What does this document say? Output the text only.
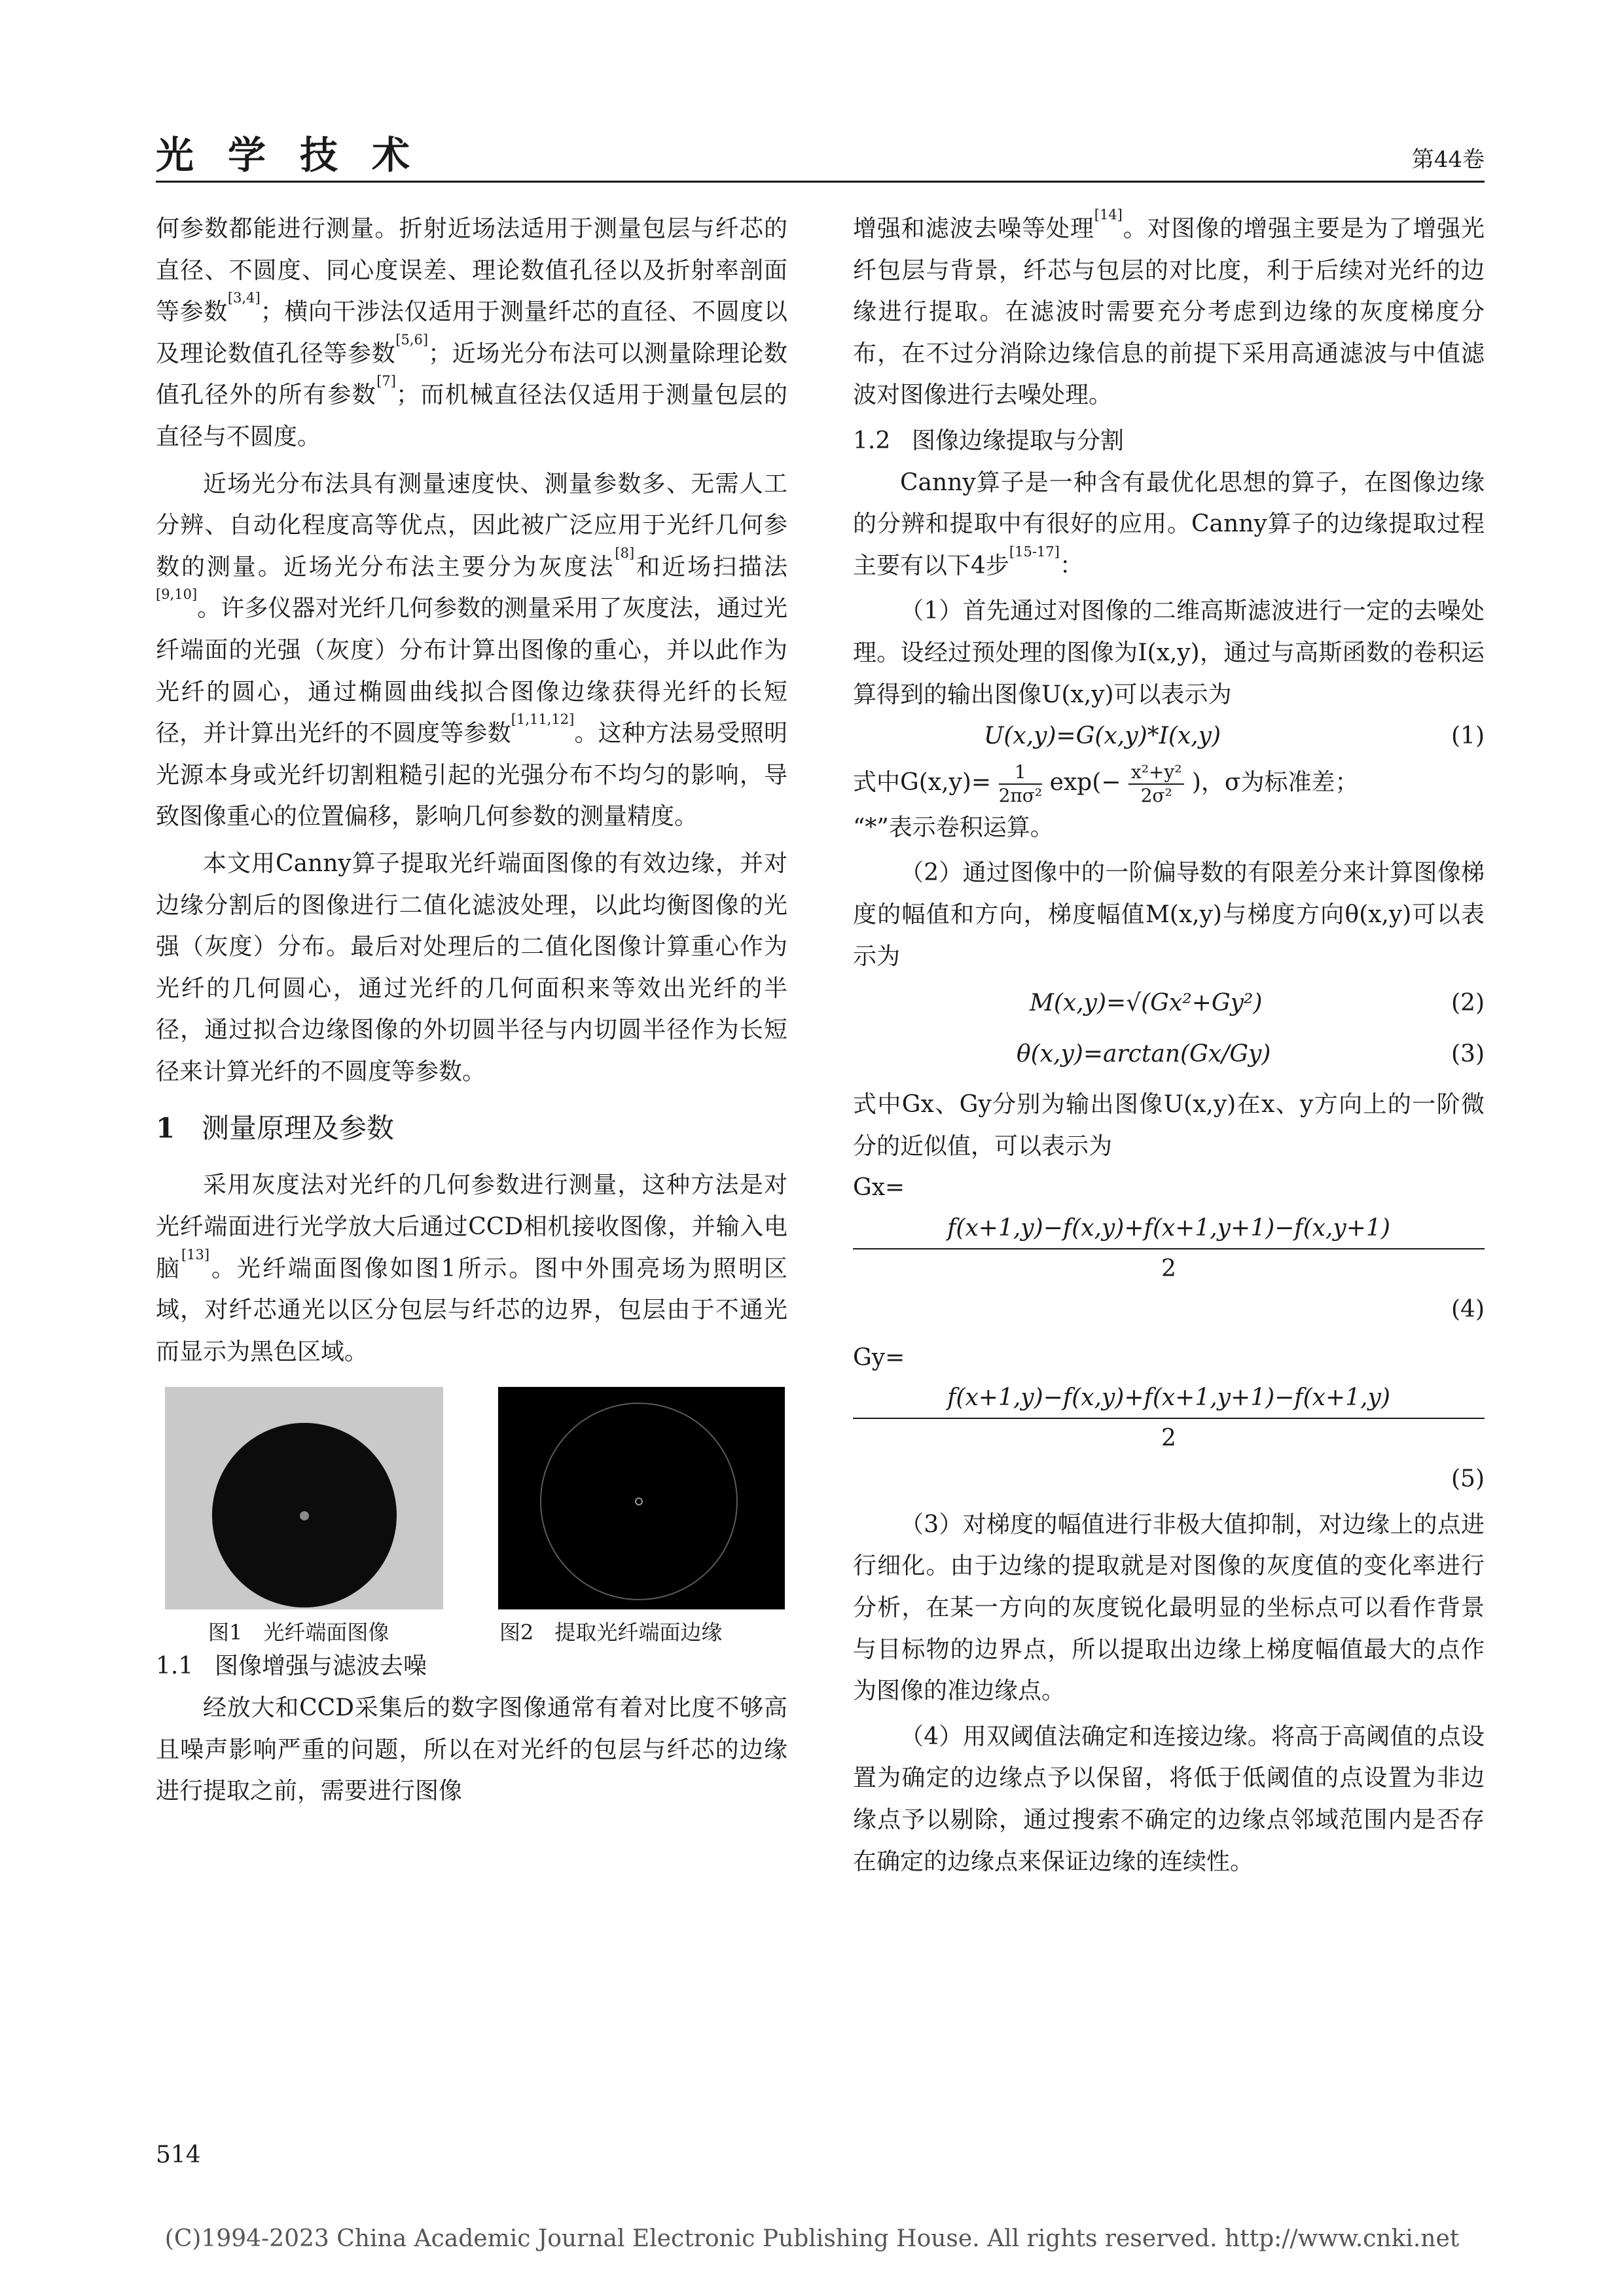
光学技术	第44卷

何参数都能进行测量。折射近场法适用于测量包层与纤芯的直径、不圆度、同心度误差、理论数值孔径以及折射率剖面等参数[3,4]；横向干涉法仅适用于测量纤芯的直径、不圆度以及理论数值孔径等参数[5,6]；近场光分布法可以测量除理论数值孔径外的所有参数[7]；而机械直径法仅适用于测量包层的直径与不圆度。

近场光分布法具有测量速度快、测量参数多、无需人工分辨、自动化程度高等优点，因此被广泛应用于光纤几何参数的测量。近场光分布法主要分为灰度法[8]和近场扫描法[9,10]。许多仪器对光纤几何参数的测量采用了灰度法，通过光纤端面的光强（灰度）分布计算出图像的重心，并以此作为光纤的圆心，通过椭圆曲线拟合图像边缘获得光纤的长短径，并计算出光纤的不圆度等参数[1,11,12]。这种方法易受照明光源本身或光纤切割粗糙引起的光强分布不均匀的影响，导致图像重心的位置偏移，影响几何参数的测量精度。

本文用Canny算子提取光纤端面图像的有效边缘，并对边缘分割后的图像进行二值化滤波处理，以此均衡图像的光强（灰度）分布。最后对处理后的二值化图像计算重心作为光纤的几何圆心，通过光纤的几何面积来等效出光纤的半径，通过拟合边缘图像的外切圆半径与内切圆半径作为长短径来计算光纤的不圆度等参数。

1 测量原理及参数

采用灰度法对光纤的几何参数进行测量，这种方法是对光纤端面进行光学放大后通过CCD相机接收图像，并输入电脑[13]。光纤端面图像如图1所示。图中外围亮场为照明区域，对纤芯通光以区分包层与纤芯的边界，包层由于不通光而显示为黑色区域。

图1　光纤端面图像	图2　提取光纤端面边缘
1.1 图像增强与滤波去噪

经放大和CCD采集后的数字图像通常有着对比度不够高且噪声影响严重的问题，所以在对光纤的包层与纤芯的边缘进行提取之前，需要进行图像

增强和滤波去噪等处理[14]。对图像的增强主要是为了增强光纤包层与背景，纤芯与包层的对比度，利于后续对光纤的边缘进行提取。在滤波时需要充分考虑到边缘的灰度梯度分布，在不过分消除边缘信息的前提下采用高通滤波与中值滤波对图像进行去噪处理。

1.2 图像边缘提取与分割

Canny算子是一种含有最优化思想的算子，在图像边缘的分辨和提取中有很好的应用。Canny算子的边缘提取过程主要有以下4步[15-17]：

（1）首先通过对图像的二维高斯滤波进行一定的去噪处理。设经过预处理的图像为I(x,y)，通过与高斯函数的卷积运算得到的输出图像U(x,y)可以表示为

U(x,y)=G(x,y)*I(x,y)	(1)
式中$G(x,y)= \frac{1}{\text{2πσ²}} \exp(- \frac{\text{x²+y²}}{\text{2σ²}}$ )，σ为标准差；

“*”表示卷积运算。

（2）通过图像中的一阶偏导数的有限差分来计算图像梯度的幅值和方向，梯度幅值M(x,y)与梯度方向θ(x,y)可以表示为

M(x,y)=√(Gx²+Gy²)	(2)
θ(x,y)=arctan(Gx/Gy)	(3)

式中Gx、Gy分别为输出图像U(x,y)在x、y方向上的一阶微分的近似值，可以表示为

Gx=
f(x+1,y)−f(x,y)+f(x+1,y+1)−f(x,y+1)
2
(4)
Gy=
f(x+1,y)−f(x,y)+f(x+1,y+1)−f(x+1,y)
2
(5)

（3）对梯度的幅值进行非极大值抑制，对边缘上的点进行细化。由于边缘的提取就是对图像的灰度值的变化率进行分析，在某一方向的灰度锐化最明显的坐标点可以看作背景与目标物的边界点，所以提取出边缘上梯度幅值最大的点作为图像的准边缘点。

（4）用双阈值法确定和连接边缘。将高于高阈值的点设置为确定的边缘点予以保留，将低于低阈值的点设置为非边缘点予以剔除，通过搜索不确定的边缘点邻域范围内是否存在确定的边缘点来保证边缘的连续性。

514
(C)1994-2023 China Academic Journal Electronic Publishing House. All rights reserved. http://www.cnki.net
